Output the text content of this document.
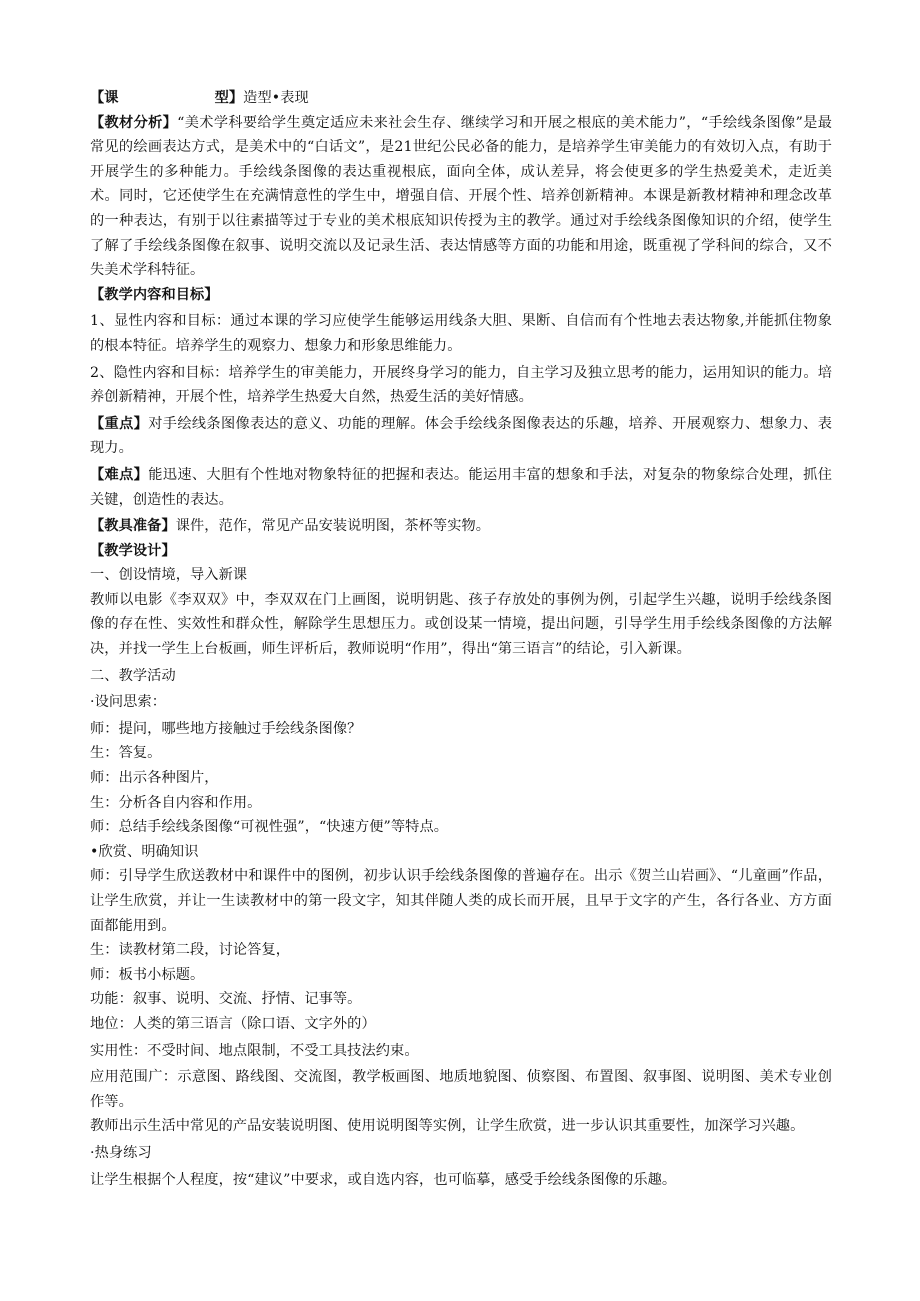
【课	型】造型•表现

【教材分析】“美术学科要给学生奠定适应未来社会生存、继续学习和开展之根底的美术能力”，“手绘线条图像”是最常见的绘画表达方式，是美术中的“白话文”，是21世纪公民必备的能力，是培养学生审美能力的有效切入点，有助于开展学生的多种能力。手绘线条图像的表达重视根底，面向全体，成认差异，将会使更多的学生热爱美术，走近美术。同时，它还使学生在充满情意性的学生中，增强自信、开展个性、培养创新精神。本课是新教材精神和理念改革的一种表达，有别于以往素描等过于专业的美术根底知识传授为主的教学。通过对手绘线条图像知识的介绍，使学生了解了手绘线条图像在叙事、说明交流以及记录生活、表达情感等方面的功能和用途，既重视了学科间的综合，又不失美术学科特征。

【教学内容和目标】

1、显性内容和目标：通过本课的学习应使学生能够运用线条大胆、果断、自信而有个性地去表达物象,并能抓住物象的根本特征。培养学生的观察力、想象力和形象思维能力。

2、隐性内容和目标：培养学生的审美能力，开展终身学习的能力，自主学习及独立思考的能力，运用知识的能力。培养创新精神，开展个性，培养学生热爱大自然，热爱生活的美好情感。

【重点】对手绘线条图像表达的意义、功能的理解。体会手绘线条图像表达的乐趣，培养、开展观察力、想象力、表现力。

【难点】能迅速、大胆有个性地对物象特征的把握和表达。能运用丰富的想象和手法，对复杂的物象综合处理，抓住关键，创造性的表达。

【教具准备】课件，范作，常见产品安装说明图，茶杯等实物。

【教学设计】

一、创设情境，导入新课

教师以电影《李双双》中，李双双在门上画图，说明钥匙、孩子存放处的事例为例，引起学生兴趣，说明手绘线条图像的存在性、实效性和群众性，解除学生思想压力。或创设某一情境，提出问题，引导学生用手绘线条图像的方法解决，并找一学生上台板画，师生评析后，教师说明“作用”，得出“第三语言”的结论，引入新课。

二、教学活动

·设问思索：

师：提问，哪些地方接触过手绘线条图像？

生：答复。

师：出示各种图片，

生：分析各自内容和作用。

师：总结手绘线条图像“可视性强”，“快速方便”等特点。

•欣赏、明确知识

师：引导学生欣送教材中和课件中的图例，初步认识手绘线条图像的普遍存在。出示《贺兰山岩画》、“儿童画”作品，让学生欣赏，并让一生读教材中的第一段文字，知其伴随人类的成长而开展，且早于文字的产生，各行各业、方方面面都能用到。

生：读教材第二段，讨论答复，

师：板书小标题。

功能：叙事、说明、交流、抒情、记事等。

地位：人类的第三语言（除口语、文字外的）

实用性：不受时间、地点限制，不受工具技法约束。

应用范围广：示意图、路线图、交流图，教学板画图、地质地貌图、侦察图、布置图、叙事图、说明图、美术专业创作等。

教师出示生活中常见的产品安装说明图、使用说明图等实例，让学生欣赏，进一步认识其重要性，加深学习兴趣。

·热身练习

让学生根据个人程度，按“建议”中要求，或自选内容，也可临摹，感受手绘线条图像的乐趣。
